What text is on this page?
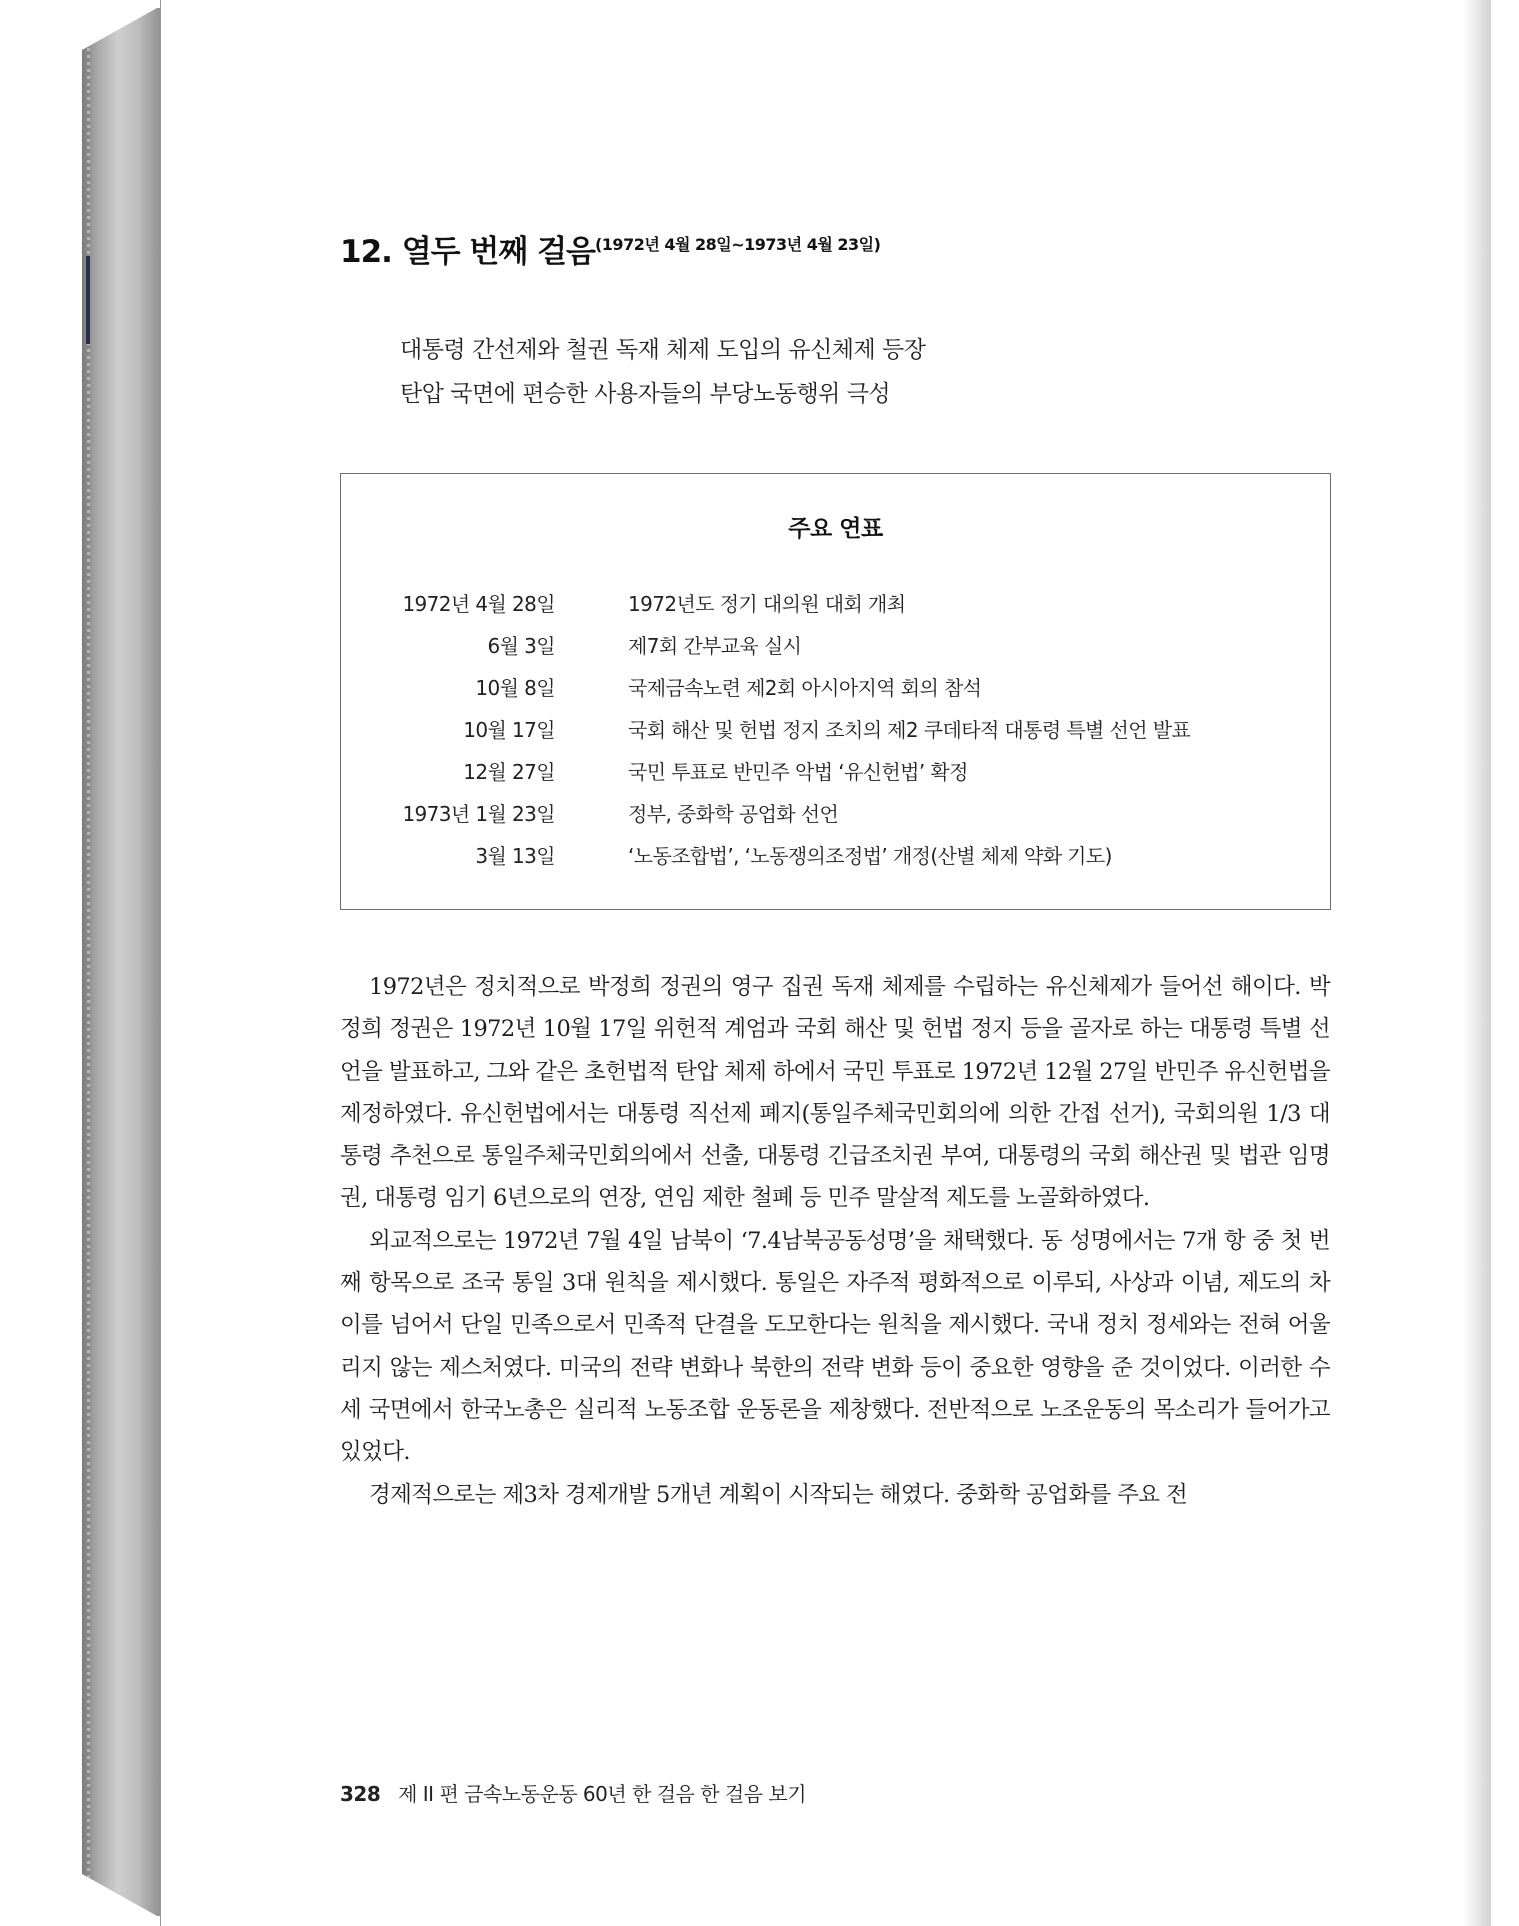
12. 열두 번째 걸음$^{(1972년 4월 28일\sim 1973년 4월 23일)}$
대통령 간선제와 철권 독재 체제 도입의 유신체제 등장
탄압 국면에 편승한 사용자들의 부당노동행위 극성
주요 연표
1972년 4월 28일	1972년도 정기 대의원 대회 개최
6월 3일	제7회 간부교육 실시
10월 8일	국제금속노련 제2회 아시아지역 회의 참석
10월 17일	국회 해산 및 헌법 정지 조치의 제2 쿠데타적 대통령 특별 선언 발표
12월 27일	국민 투표로 반민주 악법 ‘유신헌법’ 확정
1973년 1월 23일	정부, 중화학 공업화 선언
3월 13일	‘노동조합법’, ‘노동쟁의조정법’ 개정(산별 체제 약화 기도)

1972년은 정치적으로 박정희 정권의 영구 집권 독재 체제를 수립하는 유신체제가 들어선 해이다. 박정희 정권은 1972년 10월 17일 위헌적 계엄과 국회 해산 및 헌법 정지 등을 골자로 하는 대통령 특별 선언을 발표하고, 그와 같은 초헌법적 탄압 체제 하에서 국민 투표로 1972년 12월 27일 반민주 유신헌법을 제정하였다. 유신헌법에서는 대통령 직선제 폐지(통일주체국민회의에 의한 간접 선거), 국회의원 1/3 대통령 추천으로 통일주체국민회의에서 선출, 대통령 긴급조치권 부여, 대통령의 국회 해산권 및 법관 임명권, 대통령 임기 6년으로의 연장, 연임 제한 철폐 등 민주 말살적 제도를 노골화하였다.

외교적으로는 1972년 7월 4일 남북이 ‘7.4남북공동성명’을 채택했다. 동 성명에서는 7개 항 중 첫 번째 항목으로 조국 통일 3대 원칙을 제시했다. 통일은 자주적 평화적으로 이루되, 사상과 이념, 제도의 차이를 넘어서 단일 민족으로서 민족적 단결을 도모한다는 원칙을 제시했다. 국내 정치 정세와는 전혀 어울리지 않는 제스처였다. 미국의 전략 변화나 북한의 전략 변화 등이 중요한 영향을 준 것이었다. 이러한 수세 국면에서 한국노총은 실리적 노동조합 운동론을 제창했다. 전반적으로 노조운동의 목소리가 들어가고 있었다.

경제적으로는 제3차 경제개발 5개년 계획이 시작되는 해였다. 중화학 공업화를 주요 전

328 제 II 편 금속노동운동 60년 한 걸음 한 걸음 보기
